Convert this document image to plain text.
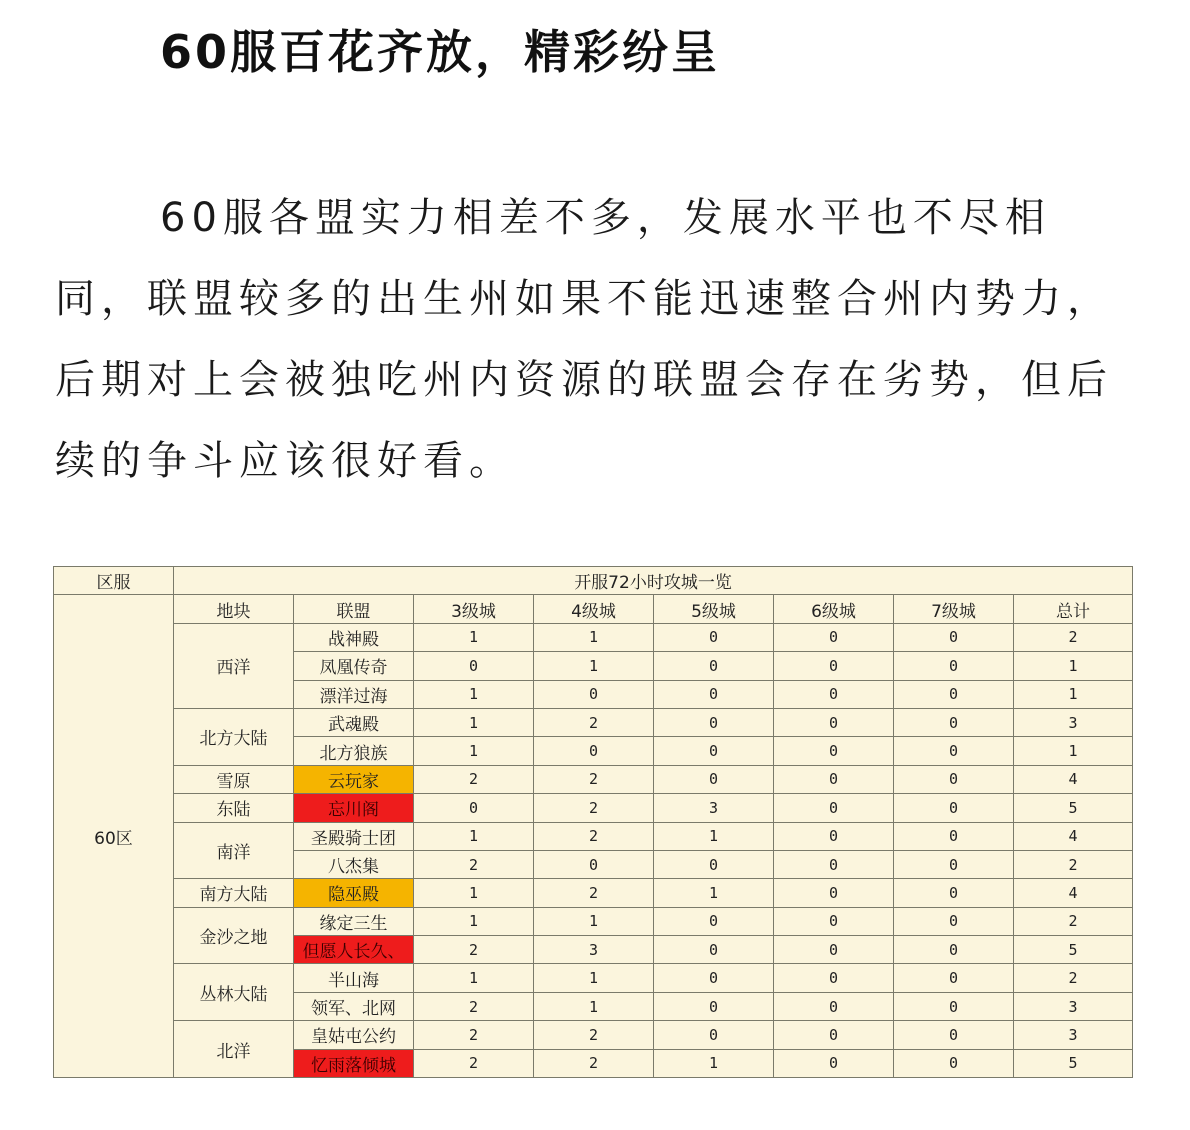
60服百花齐放，精彩纷呈

60服各盟实力相差不多，发展水平也不尽相同，联盟较多的出生州如果不能迅速整合州内势力，后期对上会被独吃州内资源的联盟会存在劣势，但后续的争斗应该很好看。

区服	开服72小时攻城一览							
60区	地块	联盟	3级城	4级城	5级城	6级城	7级城	总计
	西洋	战神殿	1	1	0	0	0	2
		凤凰传奇	0	1	0	0	0	1
		漂洋过海	1	0	0	0	0	1
	北方大陆	武魂殿	1	2	0	0	0	3
		北方狼族	1	0	0	0	0	1
	雪原	云玩家	2	2	0	0	0	4
	东陆	忘川阁	0	2	3	0	0	5
	南洋	圣殿骑士团	1	2	1	0	0	4
		八杰集	2	0	0	0	0	2
	南方大陆	隐巫殿	1	2	1	0	0	4
	金沙之地	缘定三生	1	1	0	0	0	2
		但愿人长久、	2	3	0	0	0	5
	丛林大陆	半山海	1	1	0	0	0	2
		领军、北网	2	1	0	0	0	3
	北洋	皇姑屯公约	2	2	0	0	0	3
		忆雨落倾城	2	2	1	0	0	5
